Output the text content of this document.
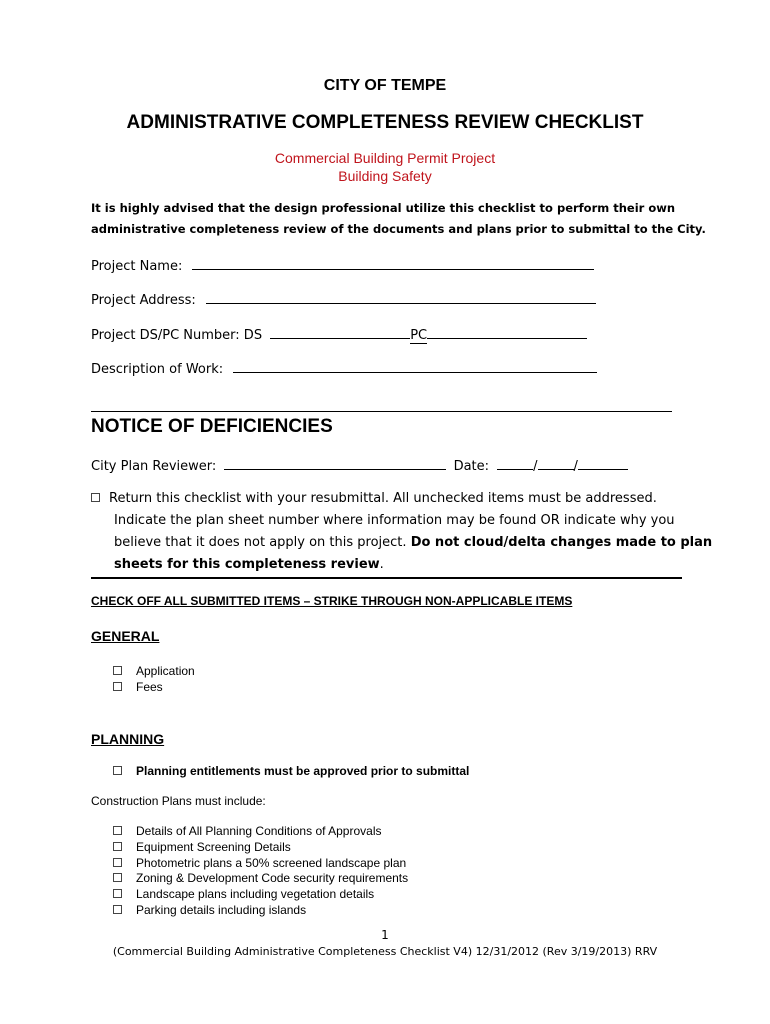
CITY OF TEMPE
ADMINISTRATIVE COMPLETENESS REVIEW CHECKLIST
Commercial Building Permit Project
Building Safety
It is highly advised that the design professional utilize this checklist to perform their own
administrative completeness review of the documents and plans prior to submittal to the City.
Project Name:
Project Address:
Project DS/PC Number: DS	PC
Description of Work:
NOTICE OF DEFICIENCIES
City Plan Reviewer:	Date:	/	/
Return this checklist with your resubmittal. All unchecked items must be addressed.
Indicate the plan sheet number where information may be found OR indicate why you
believe that it does not apply on this project. Do not cloud/delta changes made to plan
sheets for this completeness review.
CHECK OFF ALL SUBMITTED ITEMS – STRIKE THROUGH NON-APPLICABLE ITEMS
GENERAL
Application
Fees
PLANNING
Planning entitlements must be approved prior to submittal
Construction Plans must include:
Details of All Planning Conditions of Approvals
Equipment Screening Details
Photometric plans a 50% screened landscape plan
Zoning & Development Code security requirements
Landscape plans including vegetation details
Parking details including islands
1
(Commercial Building Administrative Completeness Checklist V4) 12/31/2012 (Rev 3/19/2013) RRV
